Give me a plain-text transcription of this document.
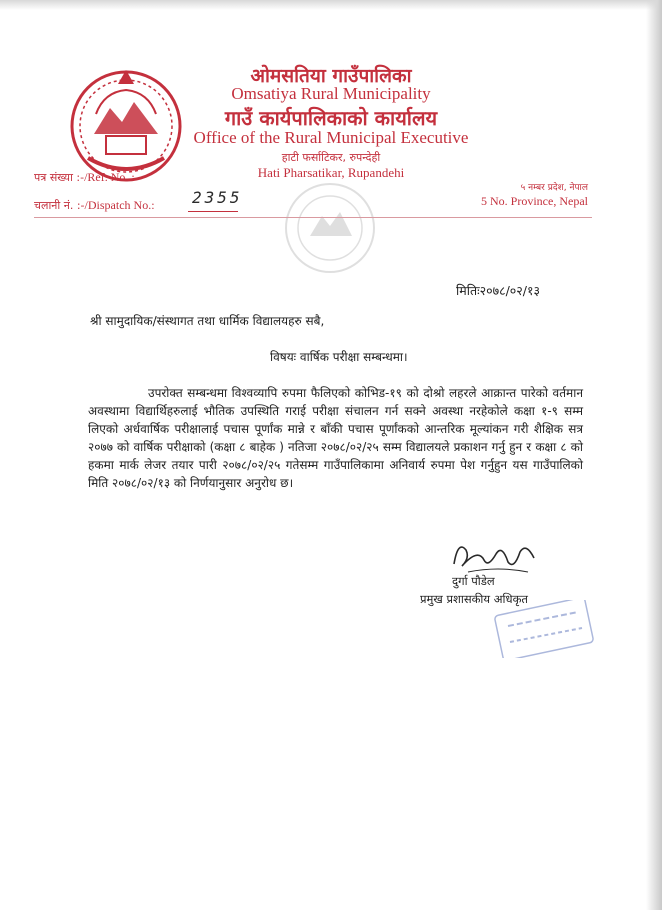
ओमसतिया गाउँपालिका
Omsatiya Rural Municipality
गाउँ कार्यपालिकाको कार्यालय
Office of the Rural Municipal Executive
हाटी फर्साटिकर, रुपन्देही
Hati Pharsatikar, Rupandehi
पत्र संख्या :-/Ref. No. :
चलानी नं. :-/Dispatch No.: 2355	५ नम्बर प्रदेश, नेपाल
5 No. Province, Nepal
मितिः२०७८/०२/१३
श्री सामुदायिक/संस्थागत तथा धार्मिक विद्यालयहरु सबै,
विषयः वार्षिक परीक्षा सम्बन्धमा।

उपरोक्त सम्बन्धमा विश्वव्यापि रुपमा फैलिएको कोभिड-१९ को दोश्रो लहरले आक्रान्त पारेको वर्तमान अवस्थामा विद्यार्थिहरुलाई भौतिक उपस्थिति गराई परीक्षा संचालन गर्न सक्ने अवस्था नरहेकोले कक्षा १-९ सम्म लिएको अर्धवार्षिक परीक्षालाई पचास पूर्णांक मान्ने र बाँकी पचास पूर्णांकको आन्तरिक मूल्यांकन गरी शैक्षिक सत्र २०७७ को वार्षिक परीक्षाको (कक्षा ८ बाहेक ) नतिजा २०७८/०२/२५ सम्म विद्यालयले प्रकाशन गर्नु हुन र कक्षा ८ को हकमा मार्क लेजर तयार पारी २०७८/०२/२५ गतेसम्म गाउँपालिकामा अनिवार्य रुपमा पेश गर्नुहुन यस गाउँपालिको मिति २०७८/०२/१३ को निर्णयानुसार अनुरोध छ।

दुर्गा पौडेल
प्रमुख प्रशासकीय अधिकृत
